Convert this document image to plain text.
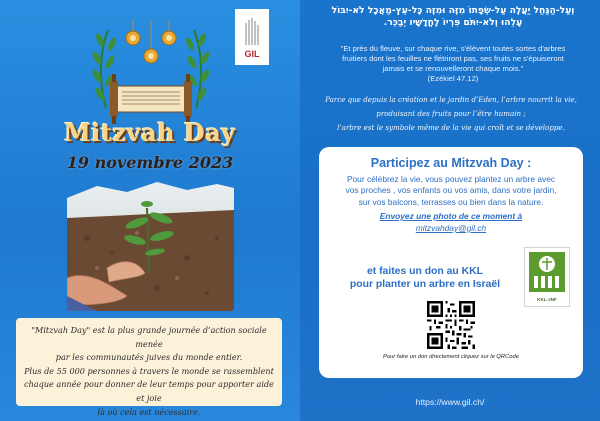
GIL
Mitzvah Day
19 novembre 2023

"Mitzvah Day" est la plus grande journée d’action sociale menée
par les communautés juives du monde entier.
Plus de 55 000 personnes à travers le monde se rassemblent
chaque année pour donner de leur temps pour apporter aide et joie
là où cela est nécessaire.

וְעַל-הַנַּחַל יַעֲלֶה עַל-שְׂפָתוֹ מִזֶּה וּמִזֶּה כָּל-עֵץ-מַאֲכָל לֹא-יִבּוֹל
עָלֵהוּ וְלֹא-יִתֹּם פִּרְיוֹ לֶחֳדָשָׁיו יְבַכֵּר.
"Et près du fleuve, sur chaque rive, s'élèvent toutes sortes d'arbres
fruitiers dont les feuilles ne flétriront pas, ses fruits ne s'épuiseront
jamais et se renouvelleront chaque mois."
(Ezékiel 47.12)
Parce que depuis la création et le jardin d’Eden, l’arbre nourrit la vie,
produisant des fruits pour l’être humain ;
l’arbre est le symbole même de la vie qui croît et se développe.
Participez au Mitzvah Day :
Pour célébrez la vie, vous pouvez plantez un arbre avec
vos proches , vos enfants ou vos amis, dans votre jardin,
sur vos balcons, terrasses ou bien dans la nature.
Envoyez une photo de ce moment à
mitzvahday@gil.ch
et faites un don au KKL
pour planter un arbre en Israël
KKL-JNF
Pour faire un don directement cliquez sur le QRCode
https://www.gil.ch/
